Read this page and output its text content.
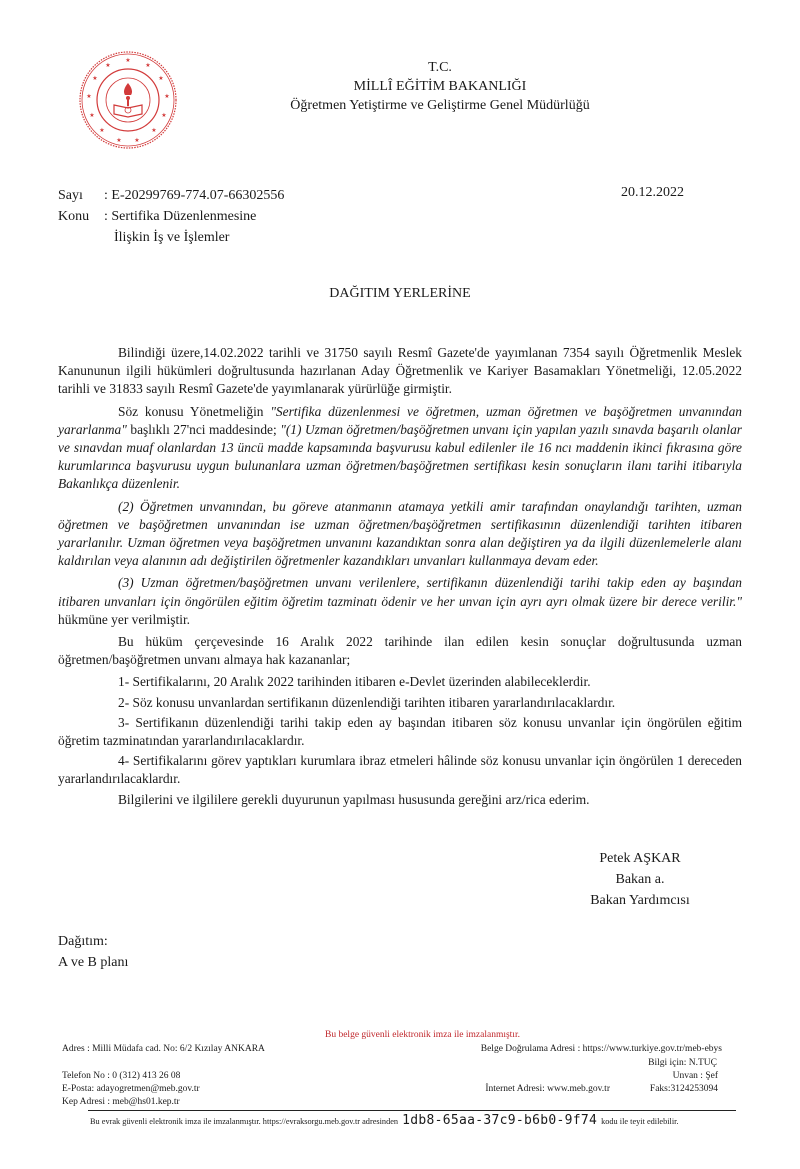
★
★
★
★
★
★
★
★
★
★
★
★
★	T.C.
MİLLÎ EĞİTİM BAKANLIĞI
Öğretmen Yetiştirme ve Geliştirme Genel Müdürlüğü
Sayı : E-20299769-774.07-66302556
Konu : Sertifika Düzenlenmesine
İlişkin İş ve İşlemler
20.12.2022
DAĞITIM YERLERİNE

Bilindiği üzere,14.02.2022 tarihli ve 31750 sayılı Resmî Gazete'de yayımlanan 7354 sayılı Öğretmenlik Meslek Kanununun ilgili hükümleri doğrultusunda hazırlanan Aday Öğretmenlik ve Kariyer Basamakları Yönetmeliği, 12.05.2022 tarihli ve 31833 sayılı Resmî Gazete'de yayımlanarak yürürlüğe girmiştir.

Söz konusu Yönetmeliğin "Sertifika düzenlenmesi ve öğretmen, uzman öğretmen ve başöğretmen unvanından yararlanma" başlıklı 27'nci maddesinde; "(1) Uzman öğretmen/başöğretmen unvanı için yapılan yazılı sınavda başarılı olanlar ve sınavdan muaf olanlardan 13 üncü madde kapsamında başvurusu kabul edilenler ile 16 ncı maddenin ikinci fıkrasına göre kurumlarınca başvurusu uygun bulunanlara uzman öğretmen/başöğretmen sertifikası kesin sonuçların ilanı tarihi itibarıyla Bakanlıkça düzenlenir.

(2) Öğretmen unvanından, bu göreve atanmanın atamaya yetkili amir tarafından onaylandığı tarihten, uzman öğretmen ve başöğretmen unvanından ise uzman öğretmen/başöğretmen sertifikasının düzenlendiği tarihten itibaren yararlanılır. Uzman öğretmen veya başöğretmen unvanını kazandıktan sonra alan değiştiren ya da ilgili düzenlemelerle alanı kaldırılan veya alanının adı değiştirilen öğretmenler kazandıkları unvanları kullanmaya devam eder.

(3) Uzman öğretmen/başöğretmen unvanı verilenlere, sertifikanın düzenlendiği tarihi takip eden ay başından itibaren unvanları için öngörülen eğitim öğretim tazminatı ödenir ve her unvan için ayrı ayrı olmak üzere bir derece verilir." hükmüne yer verilmiştir.

Bu hüküm çerçevesinde 16 Aralık 2022 tarihinde ilan edilen kesin sonuçlar doğrultusunda uzman öğretmen/başöğretmen unvanı almaya hak kazananlar;

1- Sertifikalarını, 20 Aralık 2022 tarihinden itibaren e-Devlet üzerinden alabileceklerdir.

2- Söz konusu unvanlardan sertifikanın düzenlendiği tarihten itibaren yararlandırılacaklardır.

3- Sertifikanın düzenlendiği tarihi takip eden ay başından itibaren söz konusu unvanlar için öngörülen eğitim öğretim tazminatından yararlandırılacaklardır.

4- Sertifikalarını görev yaptıkları kurumlara ibraz etmeleri hâlinde söz konusu unvanlar için öngörülen 1 dereceden yararlandırılacaklardır.

Bilgilerini ve ilgililere gerekli duyurunun yapılması hususunda gereğini arz/rica ederim.

Petek AŞKAR
Bakan a.
Bakan Yardımcısı
Dağıtım:
A ve B planı
Bu belge güvenli elektronik imza ile imzalanmıştır.
Adres : Milli Müdafa cad. No: 6/2 Kızılay ANKARA	Belge Doğrulama Adresi : https://www.turkiye.gov.tr/meb-ebys
Bilgi için: N.TUÇ
Unvan : Şef
Telefon No : 0 (312) 413 26 08
E-Posta: adayogretmen@meb.gov.tr	İnternet Adresi: www.meb.gov.tr	Faks:3124253094
Kep Adresi : meb@hs01.kep.tr
Bu evrak güvenli elektronik imza ile imzalanmıştır. https://evraksorgu.meb.gov.tr adresinden 1db8-65aa-37c9-b6b0-9f74 kodu ile teyit edilebilir.
